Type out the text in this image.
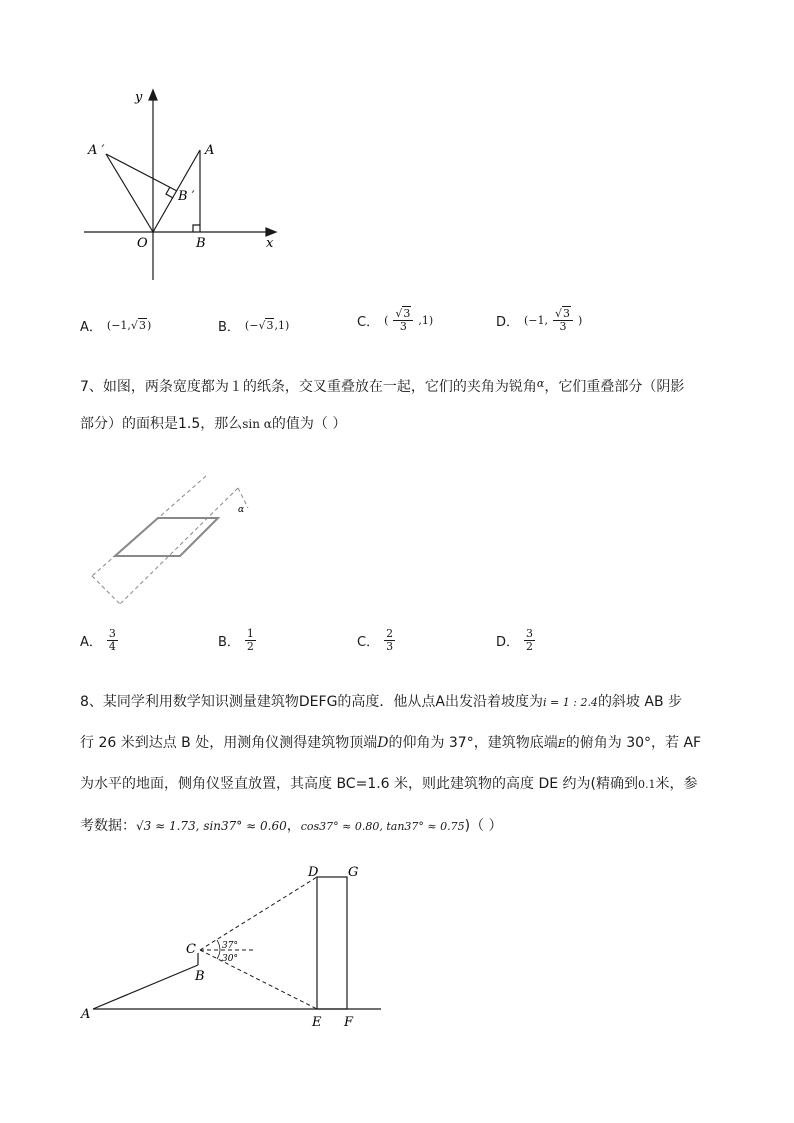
y
A ′	A
B ′
O	B	x
A． (−1,√3)	B． (−√3,1)	C． ( $\frac{√3}{3} ,1$)	D． (−1, $\frac{√3}{3}$ )
7、如图，两条宽度都为１的纸条，交叉重叠放在一起，它们的夹角为锐角$^\alpha$，它们重叠部分（阴影
部分）的面积是1.5，那么sin α的值为（ ）
α
A． $\frac{3}{4}$	B． $\frac{1}{2}$	C． $\frac{2}{3}$	D． $\frac{3}{2}$
8、某同学利用数学知识测量建筑物DEFG的高度．他从点A出发沿着坡度为i = 1 : 2.4的斜坡 AB 步
行 26 米到达点 B 处，用测角仪测得建筑物顶端D的仰角为 37°，建筑物底端E的俯角为 30°，若 AF
为水平的地面，侧角仪竖直放置，其高度 BC=1.6 米，则此建筑物的高度 DE 约为(精确到0.1米，参
考数据：√3 ≈ 1.73, sin37° ≈ 0.60，cos37° ≈ 0.80, tan37° ≈ 0.75)（ ）
D G
C
B
A
E F
37°
30°
